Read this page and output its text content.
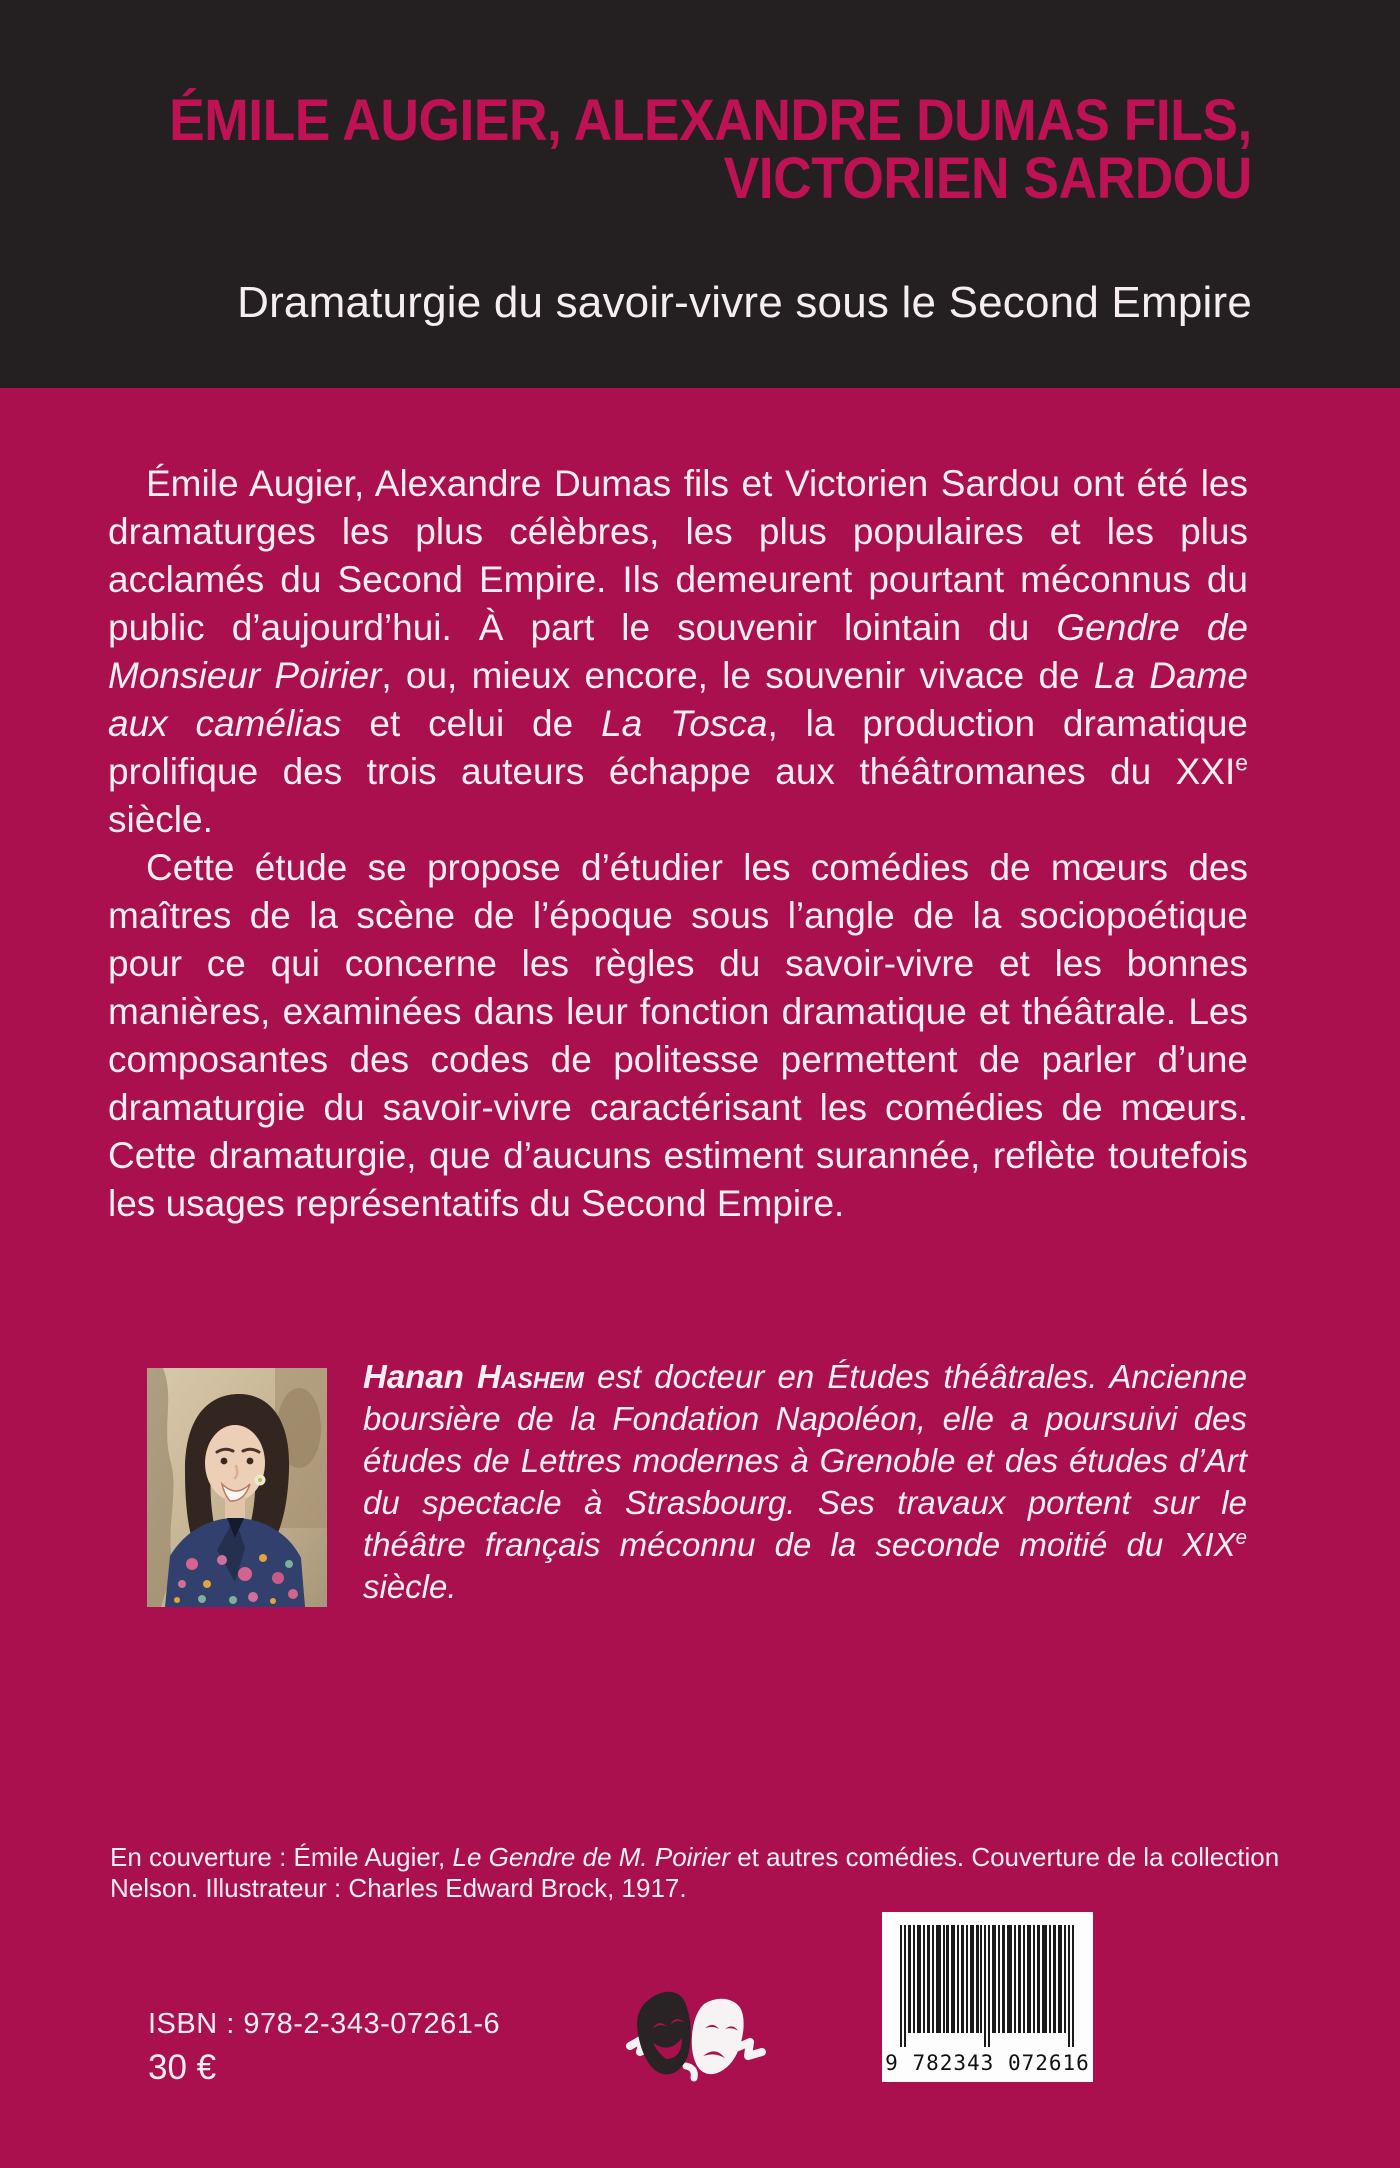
ÉMILE AUGIER, ALEXANDRE DUMAS FILS,
VICTORIEN SARDOU
Dramaturgie du savoir-vivre sous le Second Empire

Émile Augier, Alexandre Dumas fils et Victorien Sardou ont été les dramaturges les plus célèbres, les plus populaires et les plus acclamés du Second Empire. Ils demeurent pourtant méconnus du public d’aujourd’hui. À part le souvenir lointain du Gendre de Monsieur Poirier, ou, mieux encore, le souvenir vivace de La Dame aux camélias et celui de La Tosca, la production dramatique prolifique des trois auteurs échappe aux théâtromanes du XXIe siècle.

Cette étude se propose d’étudier les comédies de mœurs des maîtres de la scène de l’époque sous l’angle de la sociopoétique pour ce qui concerne les règles du savoir-vivre et les bonnes manières, examinées dans leur fonction dramatique et théâtrale. Les composantes des codes de politesse permettent de parler d’une dramaturgie du savoir-vivre caractérisant les comédies de mœurs. Cette dramaturgie, que d’aucuns estiment surannée, reflète toutefois les usages représentatifs du Second Empire.

Hanan Hashem est docteur en Études théâtrales. Ancienne boursière de la Fondation Napoléon, elle a poursuivi des études de Lettres modernes à Grenoble et des études d’Art du spectacle à Strasbourg. Ses travaux portent sur le théâtre français méconnu de la seconde moitié du XIXe siècle.

En couverture : Émile Augier, Le Gendre de M. Poirier et autres comédies. Couverture de la collection Nelson. Illustrateur : Charles Edward Brock, 1917.

ISBN : 978-2-343-07261-6
30 €	9 782343 072616
